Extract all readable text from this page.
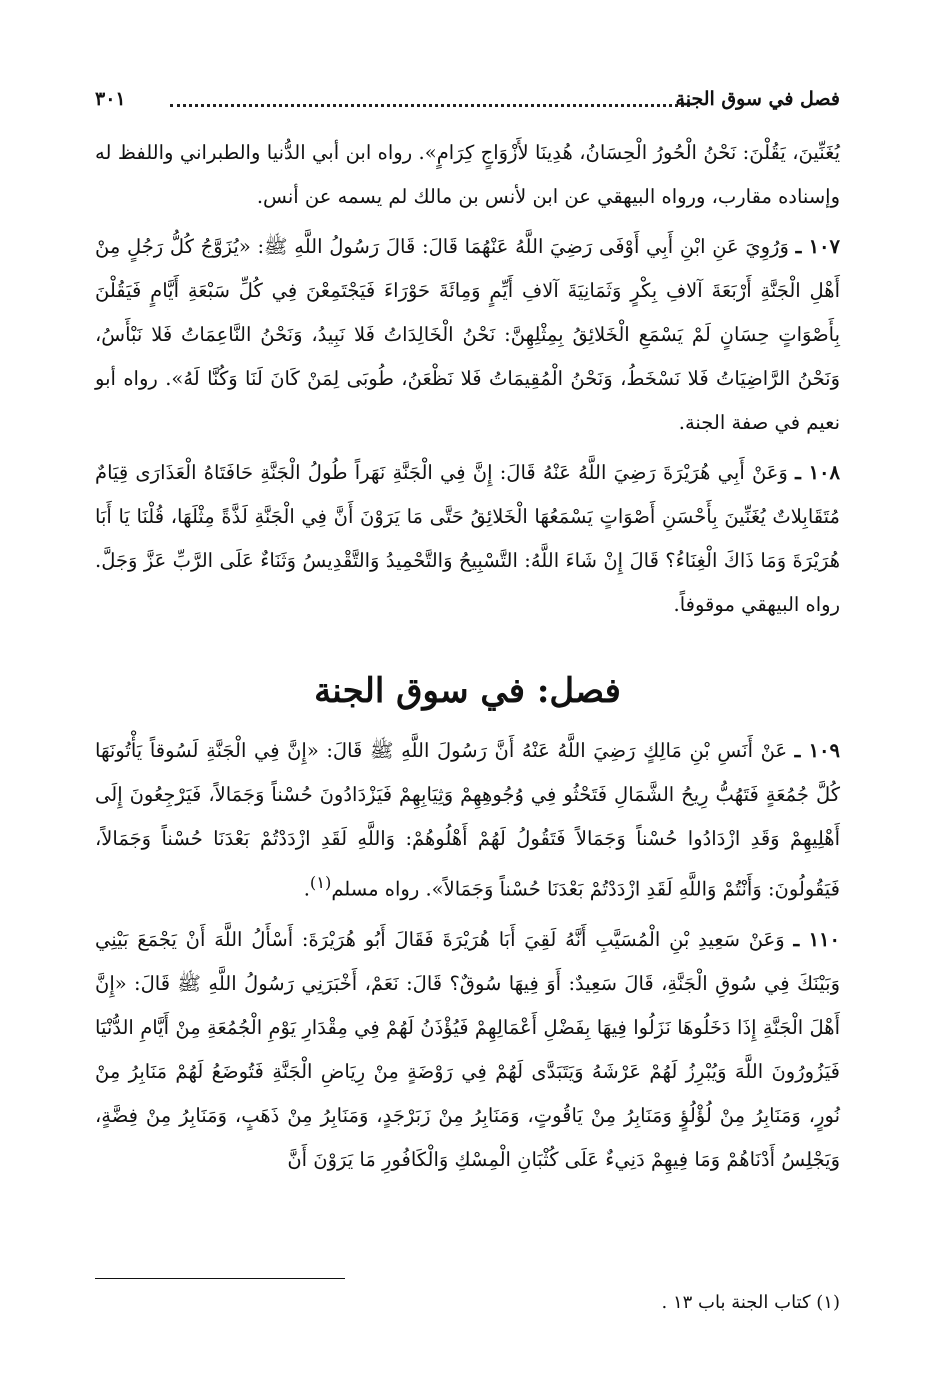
فصل في سوق الجنة
٣٠١

يُغَنِّينَ، يَقُلْنَ: نَحْنُ الْحُورُ الْحِسَانُ، هُدِينَا لأَزْوَاجٍ كِرَامٍ». رواه ابن أبي الدُّنيا والطبراني واللفظ له وإسناده مقارب، ورواه البيهقي عن ابن لأنس بن مالك لم يسمه عن أنس.

١٠٧ ـ وَرُوِيَ عَنِ ابْنِ أَبِي أَوْفَى رَضِيَ اللَّهُ عَنْهُمَا قَالَ: قَالَ رَسُولُ اللَّهِ ﷺ: «يُزَوَّجُ كُلُّ رَجُلٍ مِنْ أَهْلِ الْجَنَّةِ أَرْبَعَةَ آلافِ بِكْرٍ وَثَمَانِيَةَ آلافِ أَيِّمٍ وَمِائَةَ حَوْرَاءَ فَيَجْتَمِعْنَ فِي كُلِّ سَبْعَةِ أَيَّامٍ فَيَقُلْنَ بِأَصْوَاتٍ حِسَانٍ لَمْ يَسْمَعِ الْخَلائِقُ بِمِثْلِهِنَّ: نَحْنُ الْخَالِدَاتُ فَلا نَبِيدُ، وَنَحْنُ النَّاعِمَاتُ فَلا نَبْأَسُ، وَنَحْنُ الرَّاضِيَاتُ فَلا نَسْخَطُ، وَنَحْنُ الْمُقِيمَاتُ فَلا نَظْعَنُ، طُوبَى لِمَنْ كَانَ لَنَا وَكُنَّا لَهُ». رواه أبو نعيم في صفة الجنة.

١٠٨ ـ وَعَنْ أَبِي هُرَيْرَةَ رَضِيَ اللَّهُ عَنْهُ قَالَ: إِنَّ فِي الْجَنَّةِ نَهَراً طُولُ الْجَنَّةِ حَافَتَاهُ الْعَذَارَى قِيَامٌ مُتَقَابِلاتٌ يُغَنِّينَ بِأَحْسَنِ أَصْوَاتٍ يَسْمَعُهَا الْخَلائِقُ حَتَّى مَا يَرَوْنَ أَنَّ فِي الْجَنَّةِ لَذَّةً مِثْلَهَا، قُلْنَا يَا أَبَا هُرَيْرَةَ وَمَا ذَاكَ الْغِنَاءُ؟ قَالَ إِنْ شَاءَ اللَّهُ: التَّسْبِيحُ وَالتَّحْمِيدُ وَالتَّقْدِيسُ وَثَنَاءٌ عَلَى الرَّبِّ عَزَّ وَجَلَّ. رواه البيهقي موقوفاً.

فصل: في سوق الجنة

١٠٩ ـ عَنْ أَنَسِ بْنِ مَالِكٍ رَضِيَ اللَّهُ عَنْهُ أَنَّ رَسُولَ اللَّهِ ﷺ قَالَ: «إِنَّ فِي الْجَنَّةِ لَسُوقاً يَأْتُونَهَا كُلَّ جُمُعَةٍ فَتَهُبُّ رِيحُ الشَّمَالِ فَتَحْثُو فِي وُجُوهِهِمْ وَثِيَابِهِمْ فَيَزْدَادُونَ حُسْناً وَجَمَالاً، فَيَرْجِعُونَ إِلَى أَهْلِيهِمْ وَقَدِ ازْدَادُوا حُسْناً وَجَمَالاً فَتَقُولُ لَهُمْ أَهْلُوهُمْ: وَاللَّهِ لَقَدِ ازْدَدْتُمْ بَعْدَنَا حُسْناً وَجَمَالاً، فَيَقُولُونَ: وَأَنْتُمْ وَاللَّهِ لَقَدِ ازْدَدْتُمْ بَعْدَنَا حُسْناً وَجَمَالاً». رواه مسلم$^{(١)}$.

١١٠ ـ وَعَنْ سَعِيدِ بْنِ الْمُسَيَّبِ أَنَّهُ لَقِيَ أَبَا هُرَيْرَةَ فَقَالَ أَبُو هُرَيْرَةَ: أَسْأَلُ اللَّهَ أَنْ يَجْمَعَ بَيْنِي وَبَيْنَكَ فِي سُوقِ الْجَنَّةِ، قَالَ سَعِيدٌ: أَوَ فِيهَا سُوقٌ؟ قَالَ: نَعَمْ، أَخْبَرَنِي رَسُولُ اللَّهِ ﷺ قَالَ: «إِنَّ أَهْلَ الْجَنَّةِ إِذَا دَخَلُوهَا نَزَلُوا فِيهَا بِفَضْلِ أَعْمَالِهِمْ فَيُؤْذَنُ لَهُمْ فِي مِقْدَارِ يَوْمِ الْجُمُعَةِ مِنْ أَيَّامِ الدُّنْيَا فَيَزُورُونَ اللَّهَ وَيُبْرِزُ لَهُمْ عَرْشَهُ وَيَتَبَدَّى لَهُمْ فِي رَوْضَةٍ مِنْ رِيَاضِ الْجَنَّةِ فَتُوضَعُ لَهُمْ مَنَابِرُ مِنْ نُورٍ، وَمَنَابِرُ مِنْ لُؤْلُؤٍ وَمَنَابِرُ مِنْ يَاقُوتٍ، وَمَنَابِرُ مِنْ زَبَرْجَدٍ، وَمَنَابِرُ مِنْ ذَهَبٍ، وَمَنَابِرُ مِنْ فِضَّةٍ، وَيَجْلِسُ أَدْنَاهُمْ وَمَا فِيهِمْ دَنِيءٌ عَلَى كُثْبَانِ الْمِسْكِ وَالْكَافُورِ مَا يَرَوْنَ أَنَّ

(١) كتاب الجنة باب ١٣ .
